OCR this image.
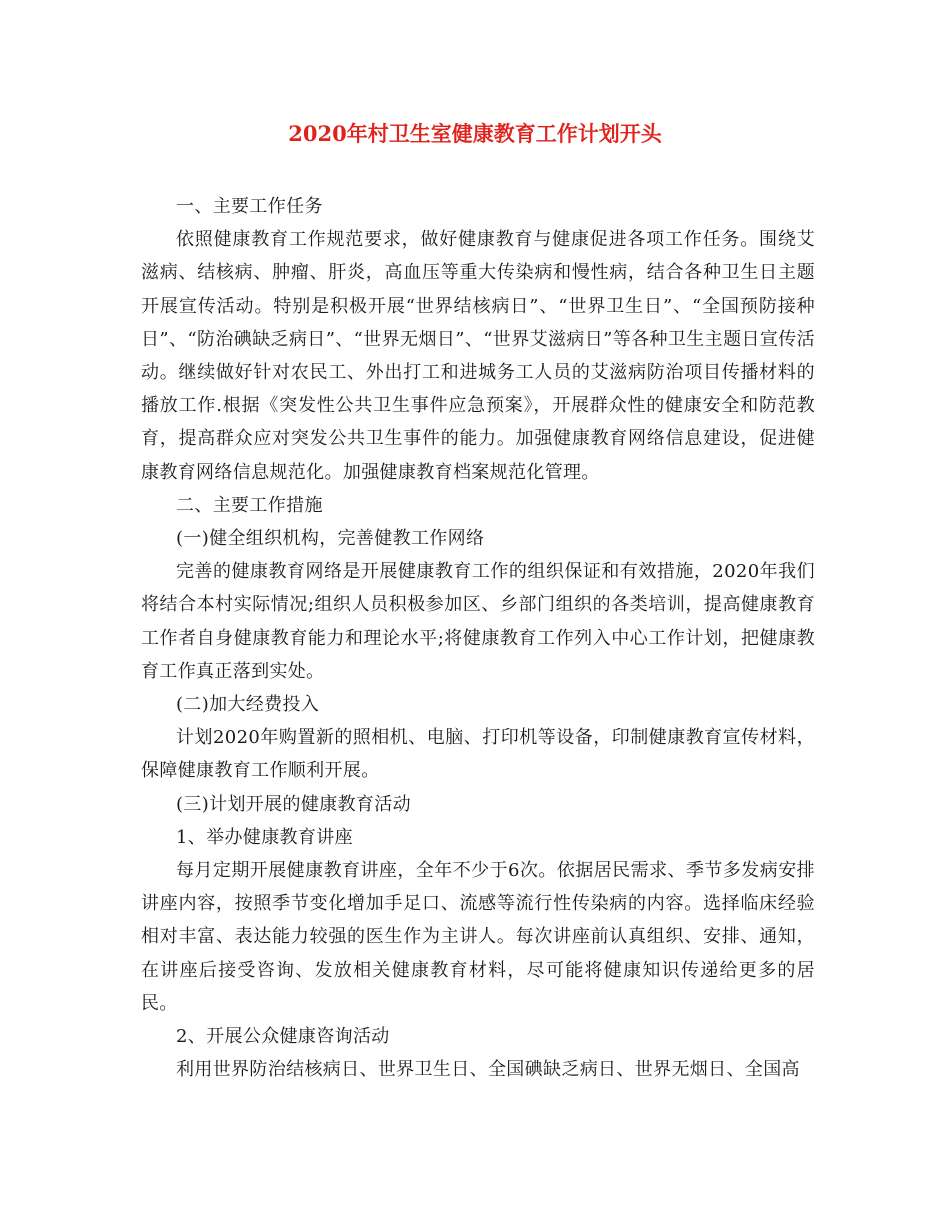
2020年村卫生室健康教育工作计划开头

一、主要工作任务

依照健康教育工作规范要求，做好健康教育与健康促进各项工作任务。围绕艾滋病、结核病、肿瘤、肝炎，高血压等重大传染病和慢性病，结合各种卫生日主题开展宣传活动。特别是积极开展“世界结核病日”、“世界卫生日”、“全国预防接种日”、“防治碘缺乏病日”、“世界无烟日”、“世界艾滋病日”等各种卫生主题日宣传活动。继续做好针对农民工、外出打工和进城务工人员的艾滋病防治项目传播材料的播放工作.根据《突发性公共卫生事件应急预案》，开展群众性的健康安全和防范教育，提高群众应对突发公共卫生事件的能力。加强健康教育网络信息建设，促进健康教育网络信息规范化。加强健康教育档案规范化管理。

二、主要工作措施

(一)健全组织机构，完善健教工作网络

完善的健康教育网络是开展健康教育工作的组织保证和有效措施，2020年我们将结合本村实际情况;组织人员积极参加区、乡部门组织的各类培训，提高健康教育工作者自身健康教育能力和理论水平;将健康教育工作列入中心工作计划，把健康教育工作真正落到实处。

(二)加大经费投入

计划2020年购置新的照相机、电脑、打印机等设备，印制健康教育宣传材料，保障健康教育工作顺利开展。

(三)计划开展的健康教育活动

1、举办健康教育讲座

每月定期开展健康教育讲座，全年不少于6次。依据居民需求、季节多发病安排讲座内容，按照季节变化增加手足口、流感等流行性传染病的内容。选择临床经验相对丰富、表达能力较强的医生作为主讲人。每次讲座前认真组织、安排、通知，在讲座后接受咨询、发放相关健康教育材料，尽可能将健康知识传递给更多的居民。

2、开展公众健康咨询活动

利用世界防治结核病日、世界卫生日、全国碘缺乏病日、世界无烟日、全国高
